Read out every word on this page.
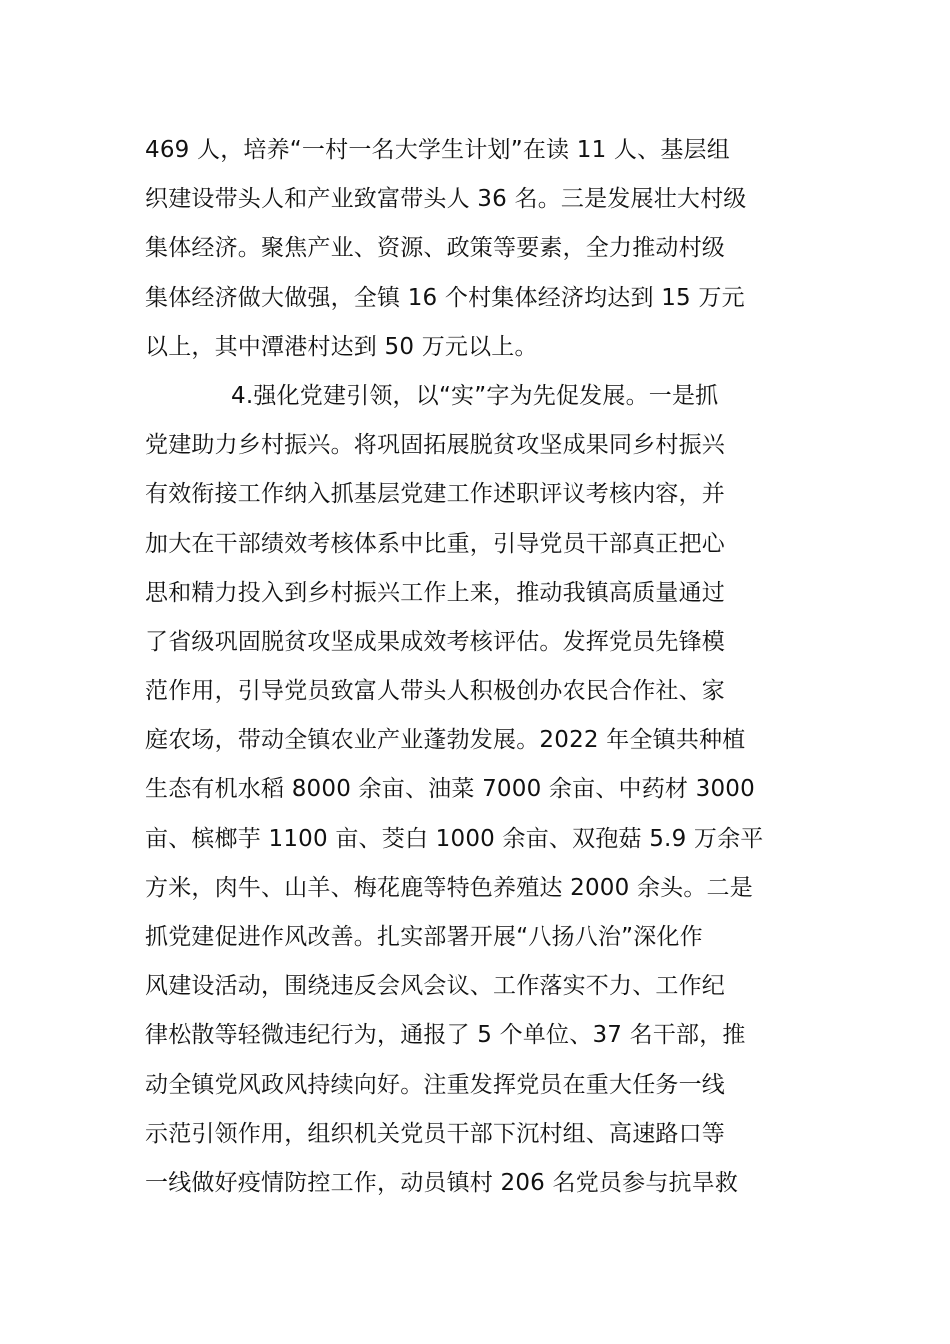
469 人，培养“一村一名大学生计划”在读 11 人、基层组
织建设带头人和产业致富带头人 36 名。三是发展壮大村级
集体经济。聚焦产业、资源、政策等要素，全力推动村级
集体经济做大做强，全镇 16 个村集体经济均达到 15 万元
以上，其中潭港村达到 50 万元以上。
4.强化党建引领，以“实”字为先促发展。一是抓
党建助力乡村振兴。将巩固拓展脱贫攻坚成果同乡村振兴
有效衔接工作纳入抓基层党建工作述职评议考核内容，并
加大在干部绩效考核体系中比重，引导党员干部真正把心
思和精力投入到乡村振兴工作上来，推动我镇高质量通过
了省级巩固脱贫攻坚成果成效考核评估。发挥党员先锋模
范作用，引导党员致富人带头人积极创办农民合作社、家
庭农场，带动全镇农业产业蓬勃发展。2022 年全镇共种植
生态有机水稻 8000 余亩、油菜 7000 余亩、中药材 3000
亩、槟榔芋 1100 亩、茭白 1000 余亩、双孢菇 5.9 万余平
方米，肉牛、山羊、梅花鹿等特色养殖达 2000 余头。二是
抓党建促进作风改善。扎实部署开展“八扬八治”深化作
风建设活动，围绕违反会风会议、工作落实不力、工作纪
律松散等轻微违纪行为，通报了 5 个单位、37 名干部，推
动全镇党风政风持续向好。注重发挥党员在重大任务一线
示范引领作用，组织机关党员干部下沉村组、高速路口等
一线做好疫情防控工作，动员镇村 206 名党员参与抗旱救
